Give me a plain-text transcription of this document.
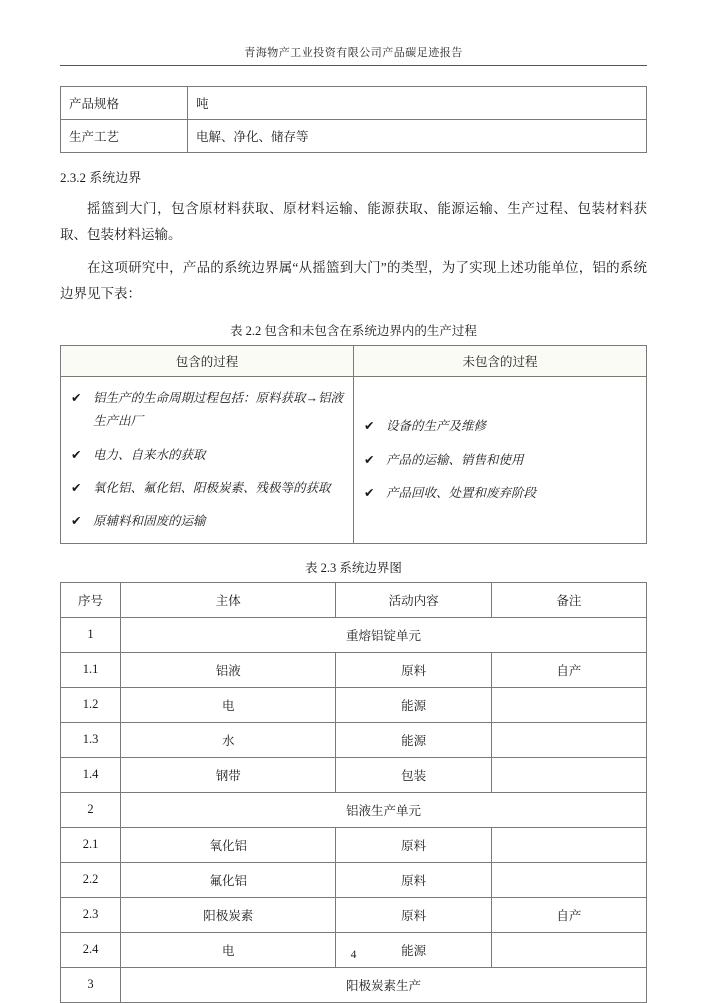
青海物产工业投资有限公司产品碳足迹报告
产品规格	吨
生产工艺	电解、净化、储存等
2.3.2 系统边界

摇篮到大门，包含原材料获取、原材料运输、能源获取、能源运输、生产过程、包装材料获取、包装材料运输。

在这项研究中，产品的系统边界属“从摇篮到大门”的类型，为了实现上述功能单位，铝的系统边界见下表：

表 2.2 包含和未包含在系统边界内的生产过程
包含的过程	未包含的过程

✔ 铝生产的生命周期过程包括：原料获取→铝液生产出厂
✔ 电力、自来水的获取
✔ 氧化铝、氟化铝、阳极炭素、残极等的获取
✔ 原辅料和固废的运输

✔ 设备的生产及维修
✔ 产品的运输、销售和使用
✔ 产品回收、处置和废弃阶段
表 2.3 系统边界图
序号	主体	活动内容	备注
1	重熔铝锭单元		
1.1	铝液	原料	自产
1.2	电	能源	
1.3	水	能源	
1.4	钢带	包装	
2	铝液生产单元		
2.1	氧化铝	原料	
2.2	氟化铝	原料	
2.3	阳极炭素	原料	自产
2.4	电	能源	
3	阳极炭素生产		
4
